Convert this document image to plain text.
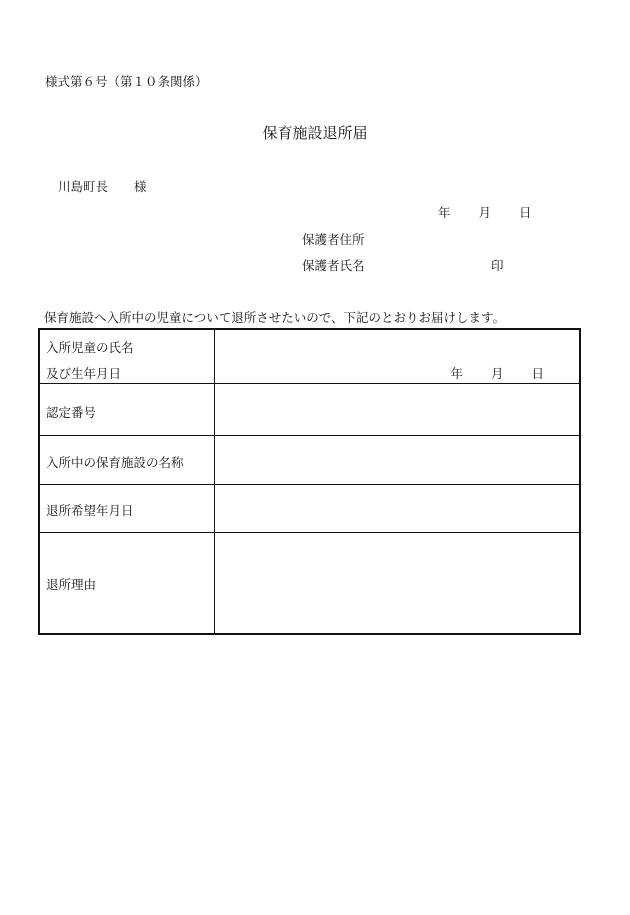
様式第６号（第１０条関係）
保育施設退所届
川島町長 様
年 月 日
保護者住所
保護者氏名	印
保育施設へ入所中の児童について退所させたいので、下記のとおりお届けします。
入所児童の氏名
及び生年月日	年 月 日
認定番号
入所中の保育施設の名称
退所希望年月日
退所理由
